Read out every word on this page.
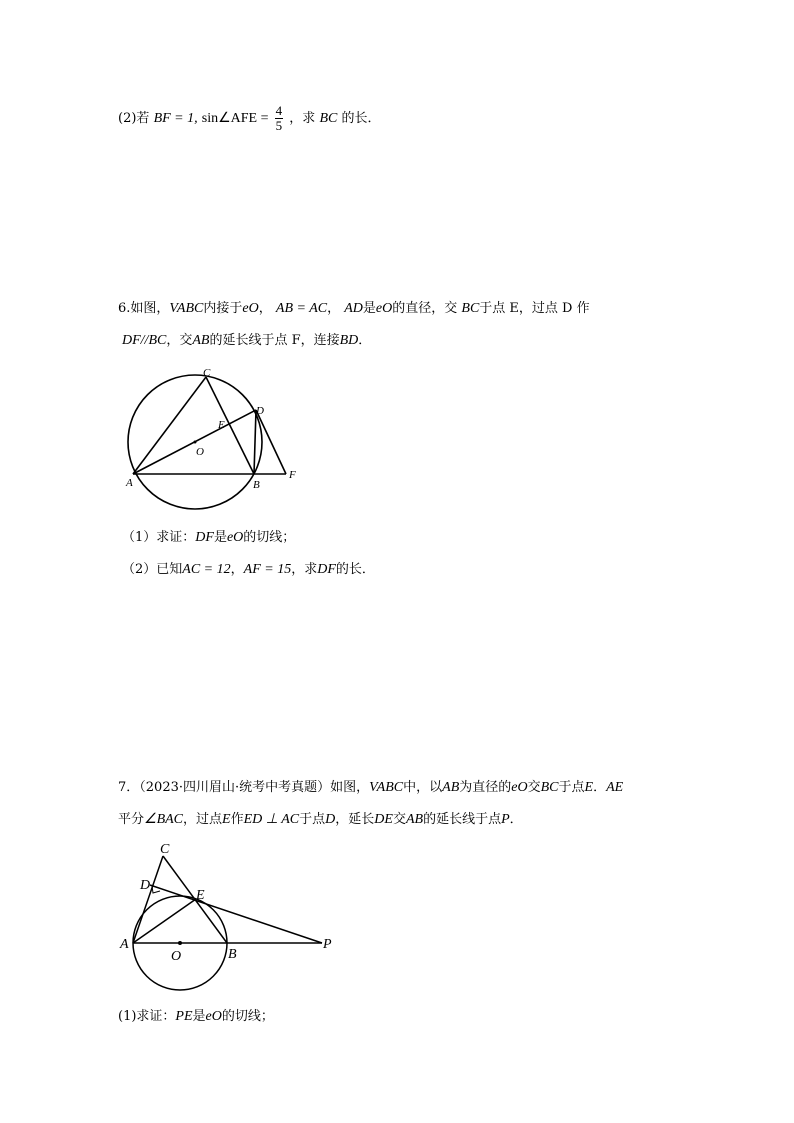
(2)若 BF = 1, sin∠AFE = $\frac{4}{5}$ ，求 BC 的长．
6.如图，VABC内接于eO， AB = AC， AD是eO的直径，交 BC于点 E，过点 D 作
DF//BC，交AB的延长线于点 F，连接BD．
C
D
E
O
A	B
F
（1）求证：DF是eO的切线；
（2）已知AC = 12，AF = 15，求DF的长．
7．（2023·四川眉山·统考中考真题）如图，VABC中，以AB为直径的eO交BC于点E．AE
平分∠BAC，过点E作ED ⊥ AC于点D，延长DE交AB的延长线于点P．
C
D
E
A
O	B
P
(1)求证：PE是eO的切线；
